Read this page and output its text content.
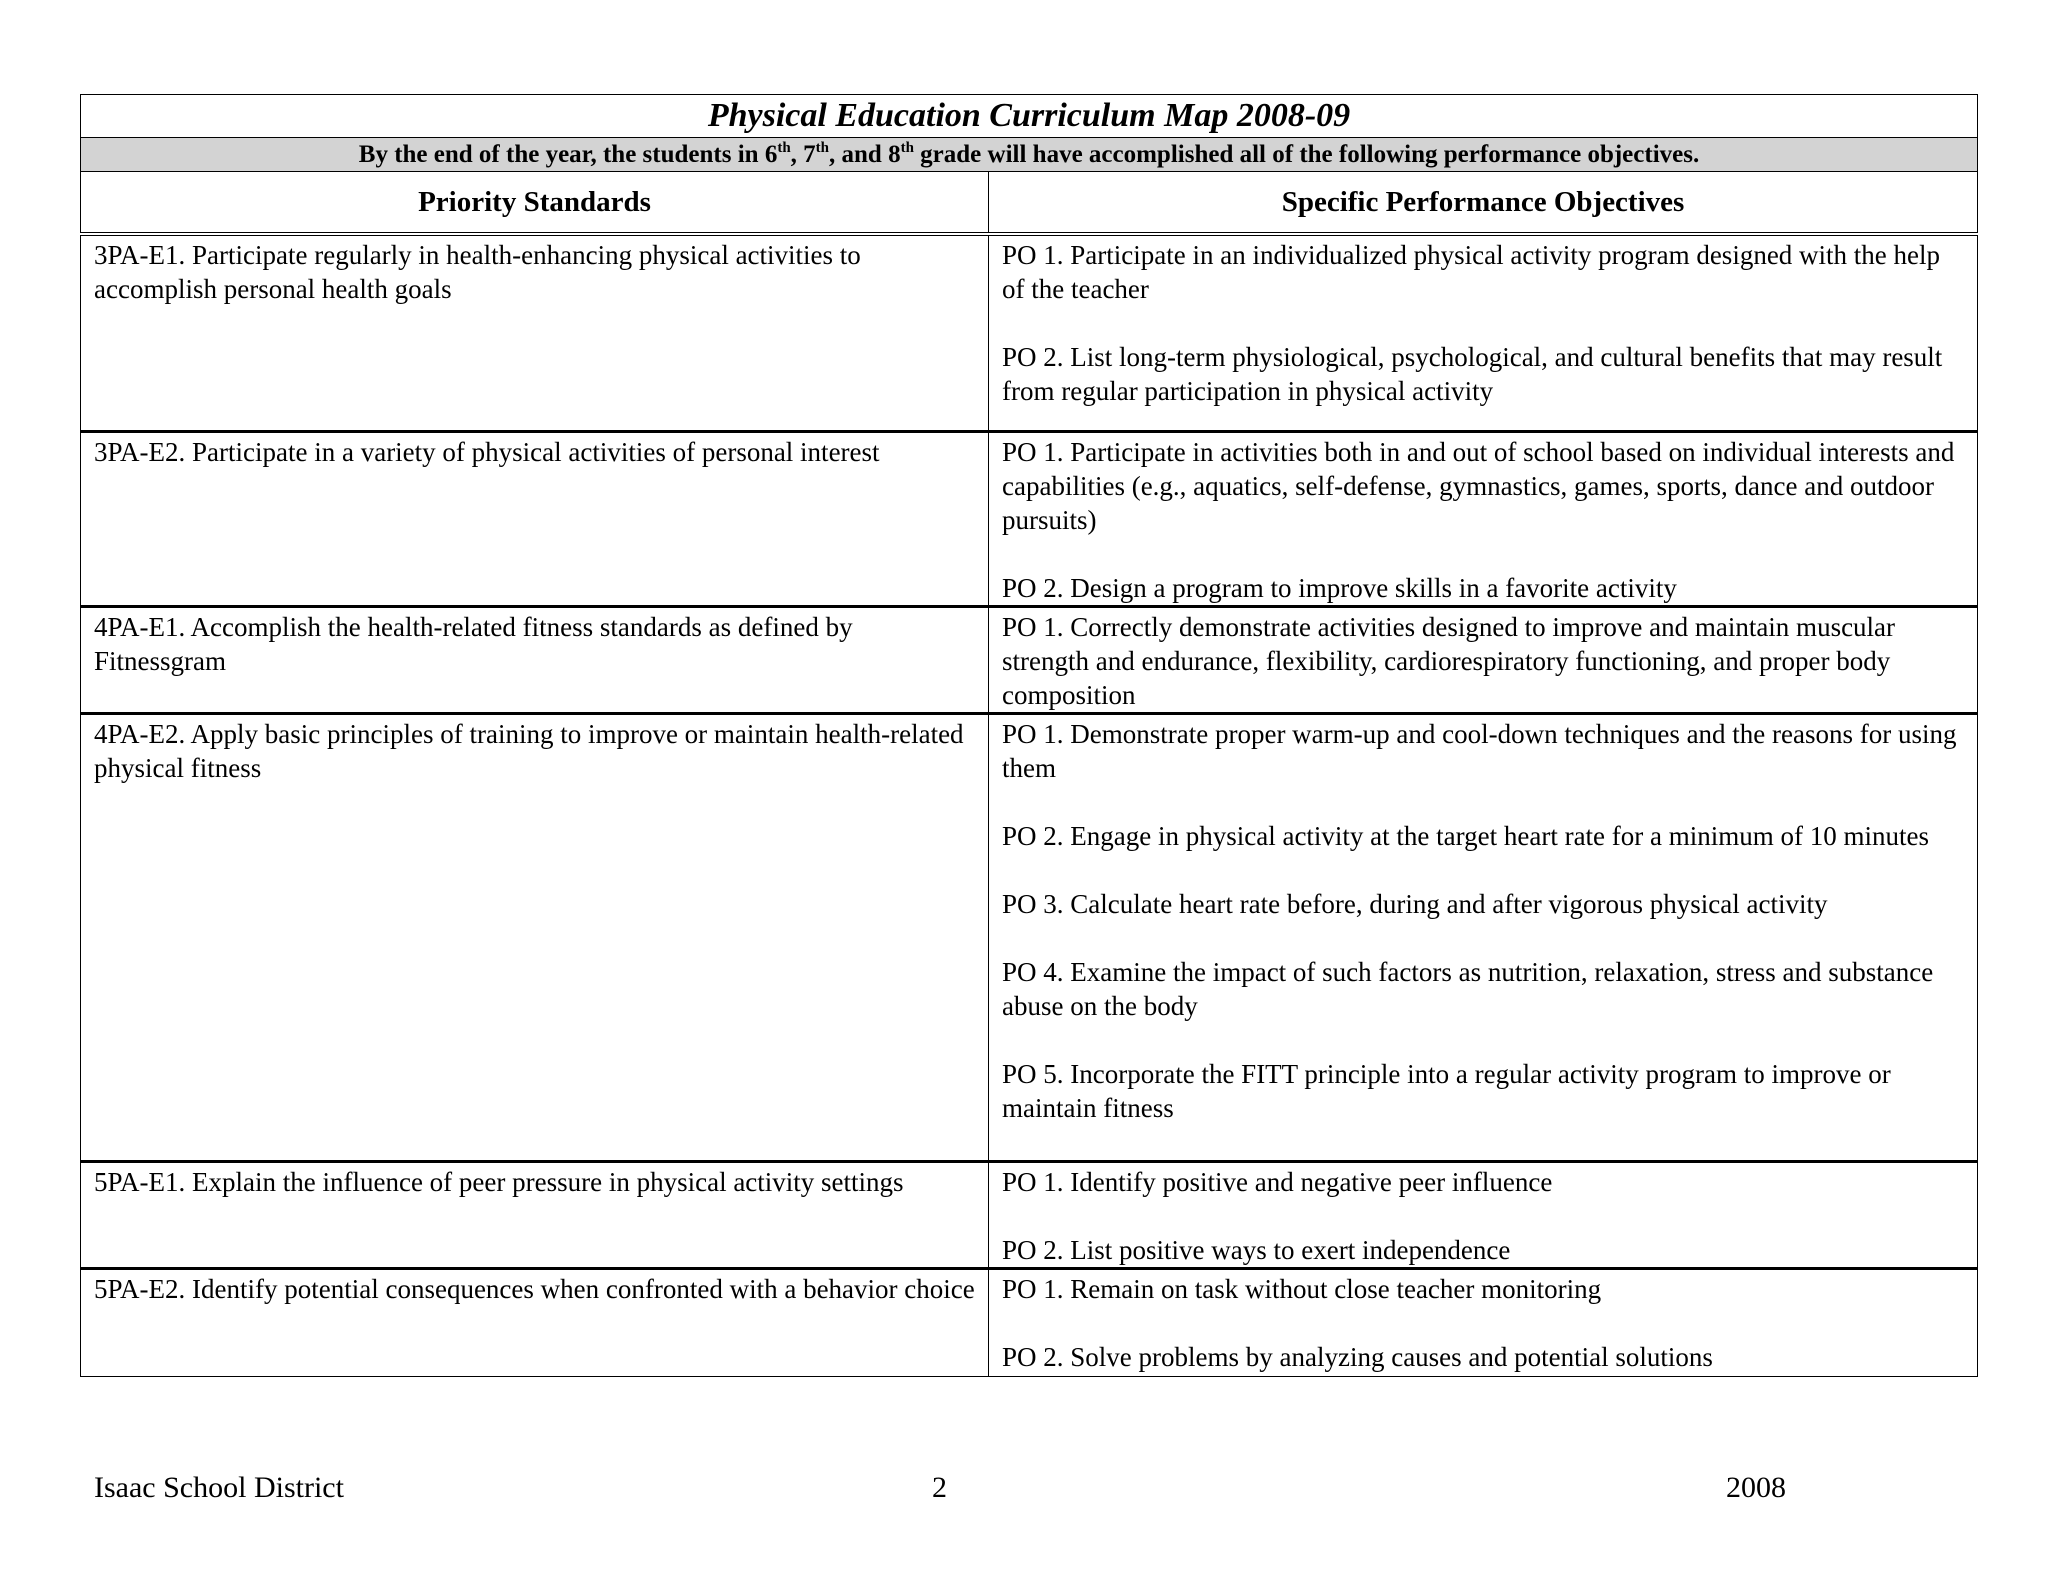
Physical Education Curriculum Map 2008-09	
By the end of the year, the students in 6th, 7th, and 8th grade will have accomplished all of the following performance objectives.	
Priority Standards	Specific Performance Objectives
3PA-E1. Participate regularly in health-enhancing physical activities to accomplish personal health goals	PO 1. Participate in an individualized physical activity program designed with the help of the teacher

PO 2. List long-term physiological, psychological, and cultural benefits that may result from regular participation in physical activity

3PA-E2. Participate in a variety of physical activities of personal interest	PO 1. Participate in activities both in and out of school based on individual interests and capabilities (e.g., aquatics, self-defense, gymnastics, games, sports, dance and outdoor pursuits)

PO 2. Design a program to improve skills in a favorite activity

4PA-E1. Accomplish the health-related fitness standards as defined by Fitnessgram	PO 1. Correctly demonstrate activities designed to improve and maintain muscular strength and endurance, flexibility, cardiorespiratory functioning, and proper body composition

4PA-E2. Apply basic principles of training to improve or maintain health-related physical fitness	PO 1. Demonstrate proper warm-up and cool-down techniques and the reasons for using them

PO 2. Engage in physical activity at the target heart rate for a minimum of 10 minutes

PO 3. Calculate heart rate before, during and after vigorous physical activity

PO 4. Examine the impact of such factors as nutrition, relaxation, stress and substance abuse on the body

PO 5. Incorporate the FITT principle into a regular activity program to improve or maintain fitness

5PA-E1. Explain the influence of peer pressure in physical activity settings	PO 1. Identify positive and negative peer influence

PO 2. List positive ways to exert independence

5PA-E2. Identify potential consequences when confronted with a behavior choice	PO 1. Remain on task without close teacher monitoring

PO 2. Solve problems by analyzing causes and potential solutions

Isaac School District	2	2008
